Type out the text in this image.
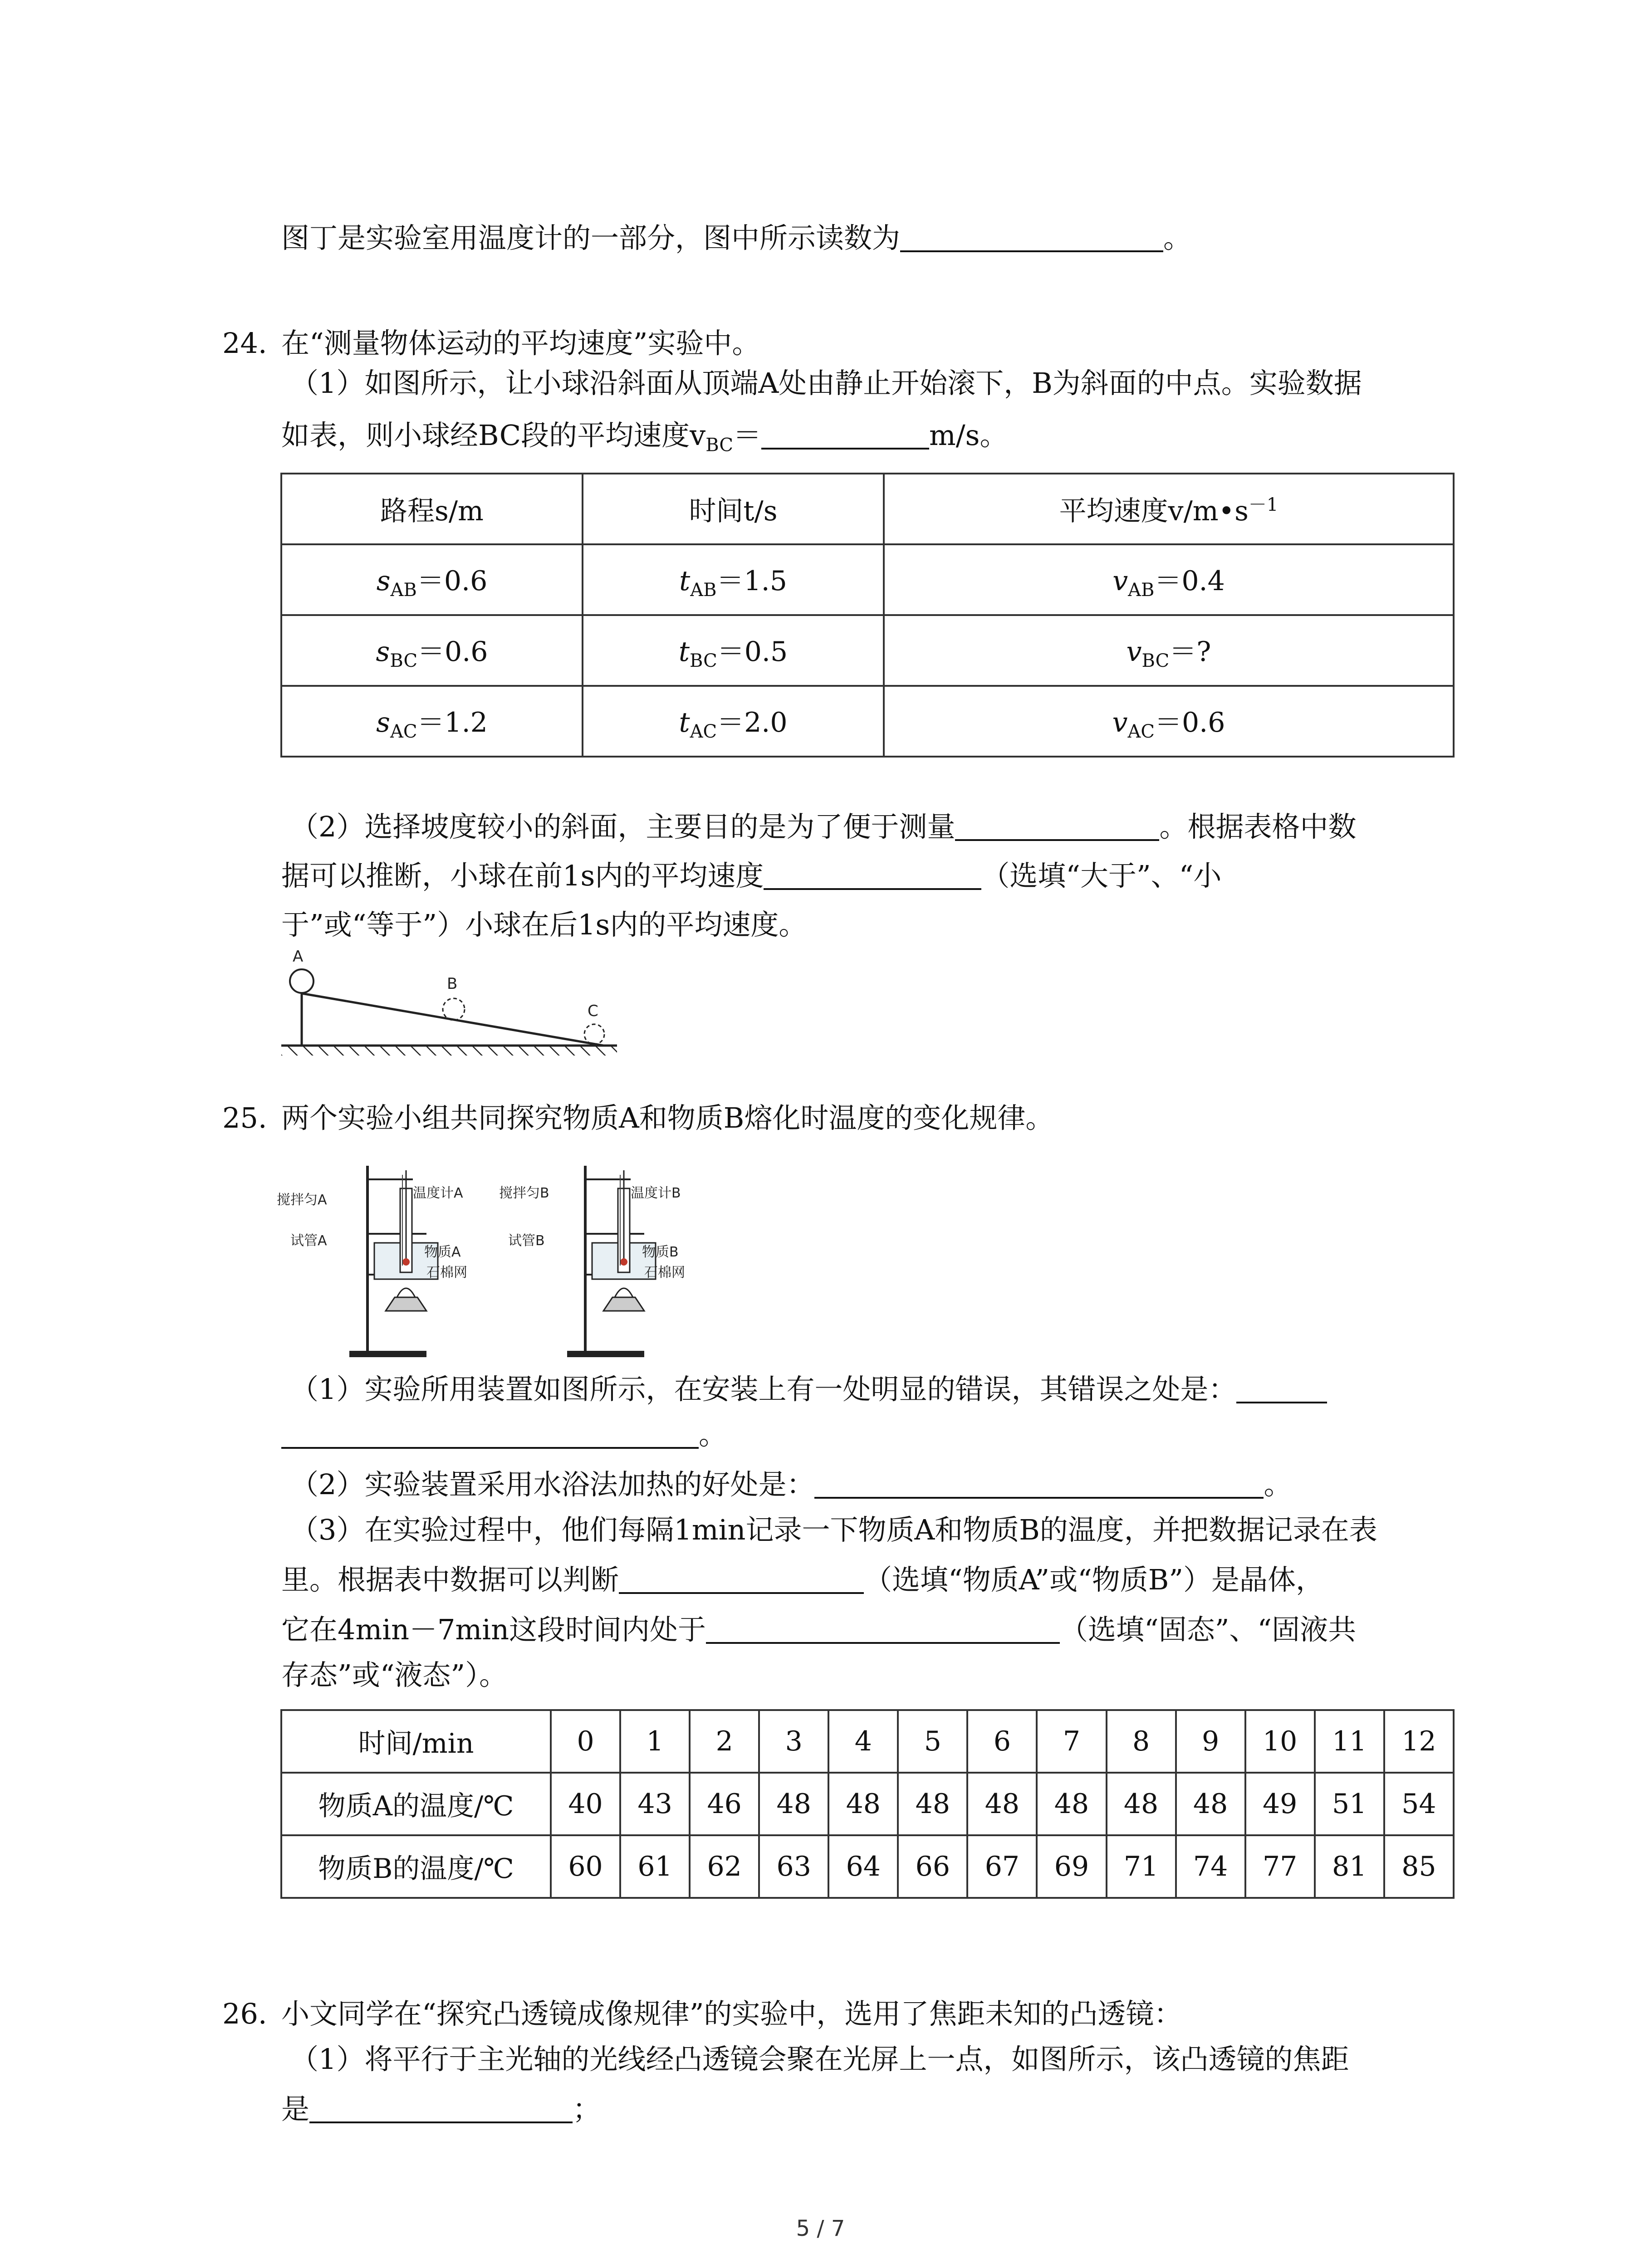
图丁是实验室用温度计的一部分，图中所示读数为	。
24. 在“测量物体运动的平均速度”实验中。
（1）如图所示，让小球沿斜面从顶端A处由静止开始滚下，B为斜面的中点。实验数据
如表，则小球经BC段的平均速度$v_{BC}=$	m/s。
路程s/m	时间t/s	平均速度$v/m•s^{-1}$
$s_{AB}=0.6$	$t_{AB}=1.5$	$v_{AB}=0.4$
$s_{BC}=0.6$	$t_{BC}=0.5$	$v_{BC}=$?
$s_{AC}=1.2$	$t_{AC}=2.0$	$v_{AC}=0.6$
（2）选择坡度较小的斜面，主要目的是为了便于测量	。根据表格中数
据可以推断，小球在前1s内的平均速度	（选填“大于”、“小
于”或“等于”）小球在后1s内的平均速度。
A
B
C
25. 两个实验小组共同探究物质A和物质B熔化时温度的变化规律。
搅拌匀A	温度计A
试管A
物质A
石棉网
搅拌匀B	温度计B
试管B
物质B
石棉网
（1）实验所用装置如图所示，在安装上有一处明显的错误，其错误之处是：
。
（2）实验装置采用水浴法加热的好处是：	。
（3）在实验过程中，他们每隔1min记录一下物质A和物质B的温度，并把数据记录在表
里。根据表中数据可以判断	（选填“物质A”或“物质B”）是晶体，
它在4min－7min这段时间内处于	（选填“固态”、“固液共
存态”或“液态”）。
时间/min	0	1	2	3	4	5	6	7	8	9	10	11	12
物质A的温度/℃	40	43	46	48	48	48	48	48	48	48	49	51	54
物质B的温度/℃	60	61	62	63	64	66	67	69	71	74	77	81	85
26. 小文同学在“探究凸透镜成像规律”的实验中，选用了焦距未知的凸透镜：
（1）将平行于主光轴的光线经凸透镜会聚在光屏上一点，如图所示，该凸透镜的焦距
是	；
5 / 7
